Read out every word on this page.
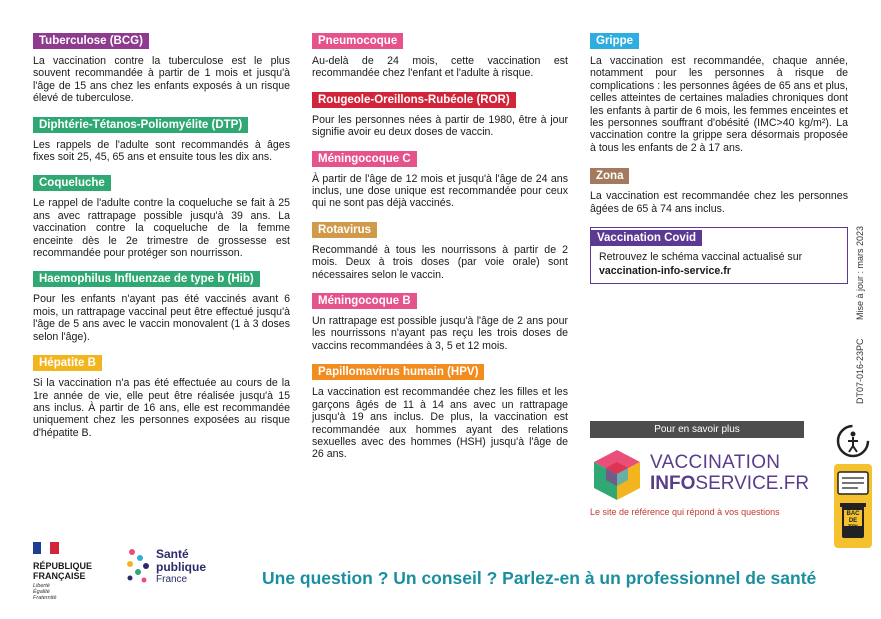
Tuberculose (BCG)

La vaccination contre la tuberculose est le plus souvent recommandée à partir de 1 mois et jusqu'à l'âge de 15 ans chez les enfants exposés à un risque élevé de tuberculose.

Diphtérie-Tétanos-Poliomyélite (DTP)

Les rappels de l'adulte sont recommandés à âges fixes soit 25, 45, 65 ans et ensuite tous les dix ans.

Coqueluche

Le rappel de l'adulte contre la coqueluche se fait à 25 ans avec rattrapage possible jusqu'à 39 ans. La vaccination contre la coqueluche de la femme enceinte dès le 2e trimestre de grossesse est recommandée pour protéger son nourrisson.

Haemophilus Influenzae de type b (Hib)

Pour les enfants n'ayant pas été vaccinés avant 6 mois, un rattrapage vaccinal peut être effectué jusqu'à l'âge de 5 ans avec le vaccin monovalent (1 à 3 doses selon l'âge).

Hépatite B

Si la vaccination n'a pas été effectuée au cours de la 1re année de vie, elle peut être réalisée jusqu'à 15 ans inclus. À partir de 16 ans, elle est recommandée uniquement chez les personnes exposées au risque d'hépatite B.

Pneumocoque

Au-delà de 24 mois, cette vaccination est recommandée chez l'enfant et l'adulte à risque.

Rougeole-Oreillons-Rubéole (ROR)

Pour les personnes nées à partir de 1980, être à jour signifie avoir eu deux doses de vaccin.

Méningocoque C

À partir de l'âge de 12 mois et jusqu'à l'âge de 24 ans inclus, une dose unique est recommandée pour ceux qui ne sont pas déjà vaccinés.

Rotavirus

Recommandé à tous les nourrissons à partir de 2 mois. Deux à trois doses (par voie orale) sont nécessaires selon le vaccin.

Méningocoque B

Un rattrapage est possible jusqu'à l'âge de 2 ans pour les nourrissons n'ayant pas reçu les trois doses de vaccins recommandées à 3, 5 et 12 mois.

Papillomavirus humain (HPV)

La vaccination est recommandée chez les filles et les garçons âgés de 11 à 14 ans avec un rattrapage jusqu'à 19 ans inclus. De plus, la vaccination est recommandée aux hommes ayant des relations sexuelles avec des hommes (HSH) jusqu'à l'âge de 26 ans.

Grippe

La vaccination est recommandée, chaque année, notamment pour les personnes à risque de complications : les personnes âgées de 65 ans et plus, celles atteintes de certaines maladies chroniques dont les enfants à partir de 6 mois, les femmes enceintes et les personnes souffrant d'obésité (IMC>40 kg/m²). La vaccination contre la grippe sera désormais proposée à tous les enfants de 2 à 17 ans.

Zona

La vaccination est recommandée chez les personnes âgées de 65 à 74 ans inclus.

Vaccination Covid

Retrouvez le schéma vaccinal actualisé sur
vaccination-info-service.fr

Pour en savoir plus
VACCINATION
INFOSERVICE.FR
Le site de référence qui répond à vos questions
Mise à jour : mars 2023
DT07-016-23PC
BAC DE TRI
RÉPUBLIQUE
FRANÇAISE
Liberté
Égalité
Fraternité
Santé
publique
France	Une question ? Un conseil ? Parlez-en à un professionnel de santé
